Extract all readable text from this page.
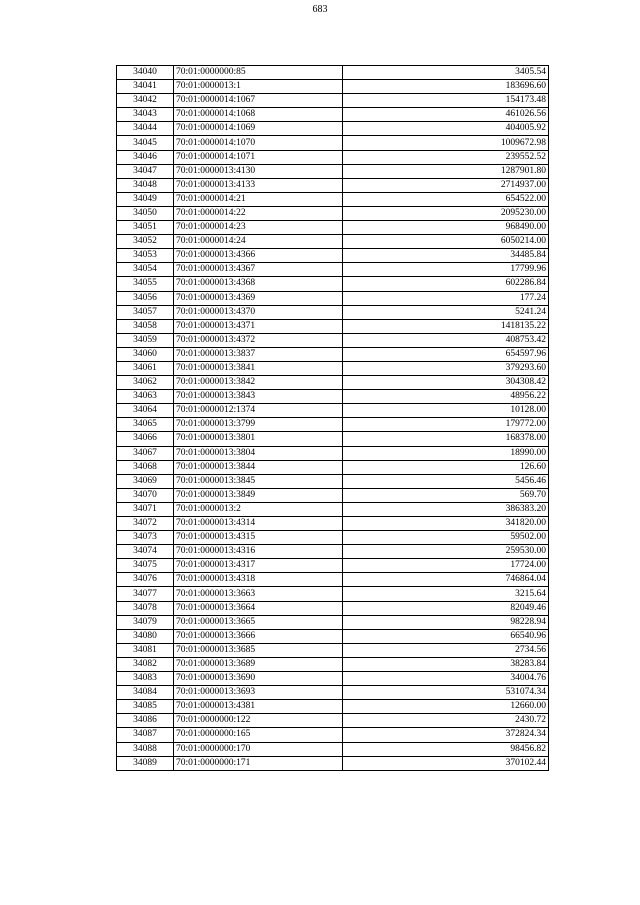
683
34040	70:01:0000000:85	3405.54
34041	70:01:0000013:1	183696.60
34042	70:01:0000014:1067	154173.48
34043	70:01:0000014:1068	461026.56
34044	70:01:0000014:1069	404005.92
34045	70:01:0000014:1070	1009672.98
34046	70:01:0000014:1071	239552.52
34047	70:01:0000013:4130	1287901.80
34048	70:01:0000013:4133	2714937.00
34049	70:01:0000014:21	654522.00
34050	70:01:0000014:22	2095230.00
34051	70:01:0000014:23	968490.00
34052	70:01:0000014:24	6050214.00
34053	70:01:0000013:4366	34485.84
34054	70:01:0000013:4367	17799.96
34055	70:01:0000013:4368	602286.84
34056	70:01:0000013:4369	177.24
34057	70:01:0000013:4370	5241.24
34058	70:01:0000013:4371	1418135.22
34059	70:01:0000013:4372	408753.42
34060	70:01:0000013:3837	654597.96
34061	70:01:0000013:3841	379293.60
34062	70:01:0000013:3842	304308.42
34063	70:01:0000013:3843	48956.22
34064	70:01:0000012:1374	10128.00
34065	70:01:0000013:3799	179772.00
34066	70:01:0000013:3801	168378.00
34067	70:01:0000013:3804	18990.00
34068	70:01:0000013:3844	126.60
34069	70:01:0000013:3845	5456.46
34070	70:01:0000013:3849	569.70
34071	70:01:0000013:2	386383.20
34072	70:01:0000013:4314	341820.00
34073	70:01:0000013:4315	59502.00
34074	70:01:0000013:4316	259530.00
34075	70:01:0000013:4317	17724.00
34076	70:01:0000013:4318	746864.04
34077	70:01:0000013:3663	3215.64
34078	70:01:0000013:3664	82049.46
34079	70:01:0000013:3665	98228.94
34080	70:01:0000013:3666	66540.96
34081	70:01:0000013:3685	2734.56
34082	70:01:0000013:3689	38283.84
34083	70:01:0000013:3690	34004.76
34084	70:01:0000013:3693	531074.34
34085	70:01:0000013:4381	12660.00
34086	70:01:0000000:122	2430.72
34087	70:01:0000000:165	372824.34
34088	70:01:0000000:170	98456.82
34089	70:01:0000000:171	370102.44
